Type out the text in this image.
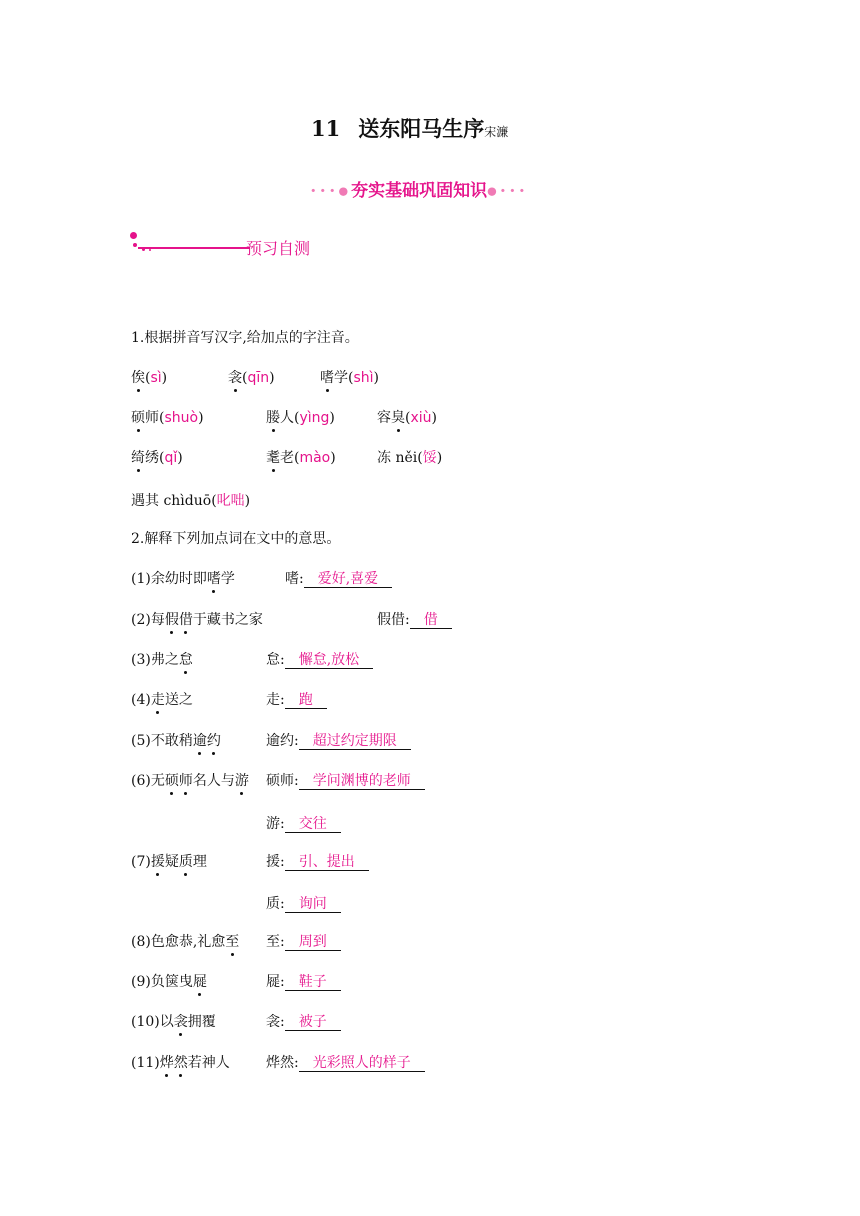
11 送东阳马生序宋濂
•••●夯实基础巩固知识●•••
预习自测
1.根据拼音写汉字,给加点的字注音。
俟(sì)	衾(qīn)	嗜学(shì)
硕师(shuò)	媵人(yìng)	容臭(xiù)
绮绣(qǐ)	耄老(mào)	冻 něi(馁)
遇其 chìduō(叱咄)
2.解释下列加点词在文中的意思。
(1)余幼时即嗜学	嗜: 爱好,喜爱
(2)每假借于藏书之家	假借: 借
(3)弗之怠	怠: 懈怠,放松
(4)走送之	走: 跑
(5)不敢稍逾约	逾约: 超过约定期限
(6)无硕师名人与游 硕师: 学问渊博的老师
游: 交往
(7)援疑质理	援: 引、提出
质: 询问
(8)色愈恭,礼愈至 至: 周到
(9)负箧曳屣	屣: 鞋子
(10)以衾拥覆	衾: 被子
(11)烨然若神人	烨然: 光彩照人的样子
